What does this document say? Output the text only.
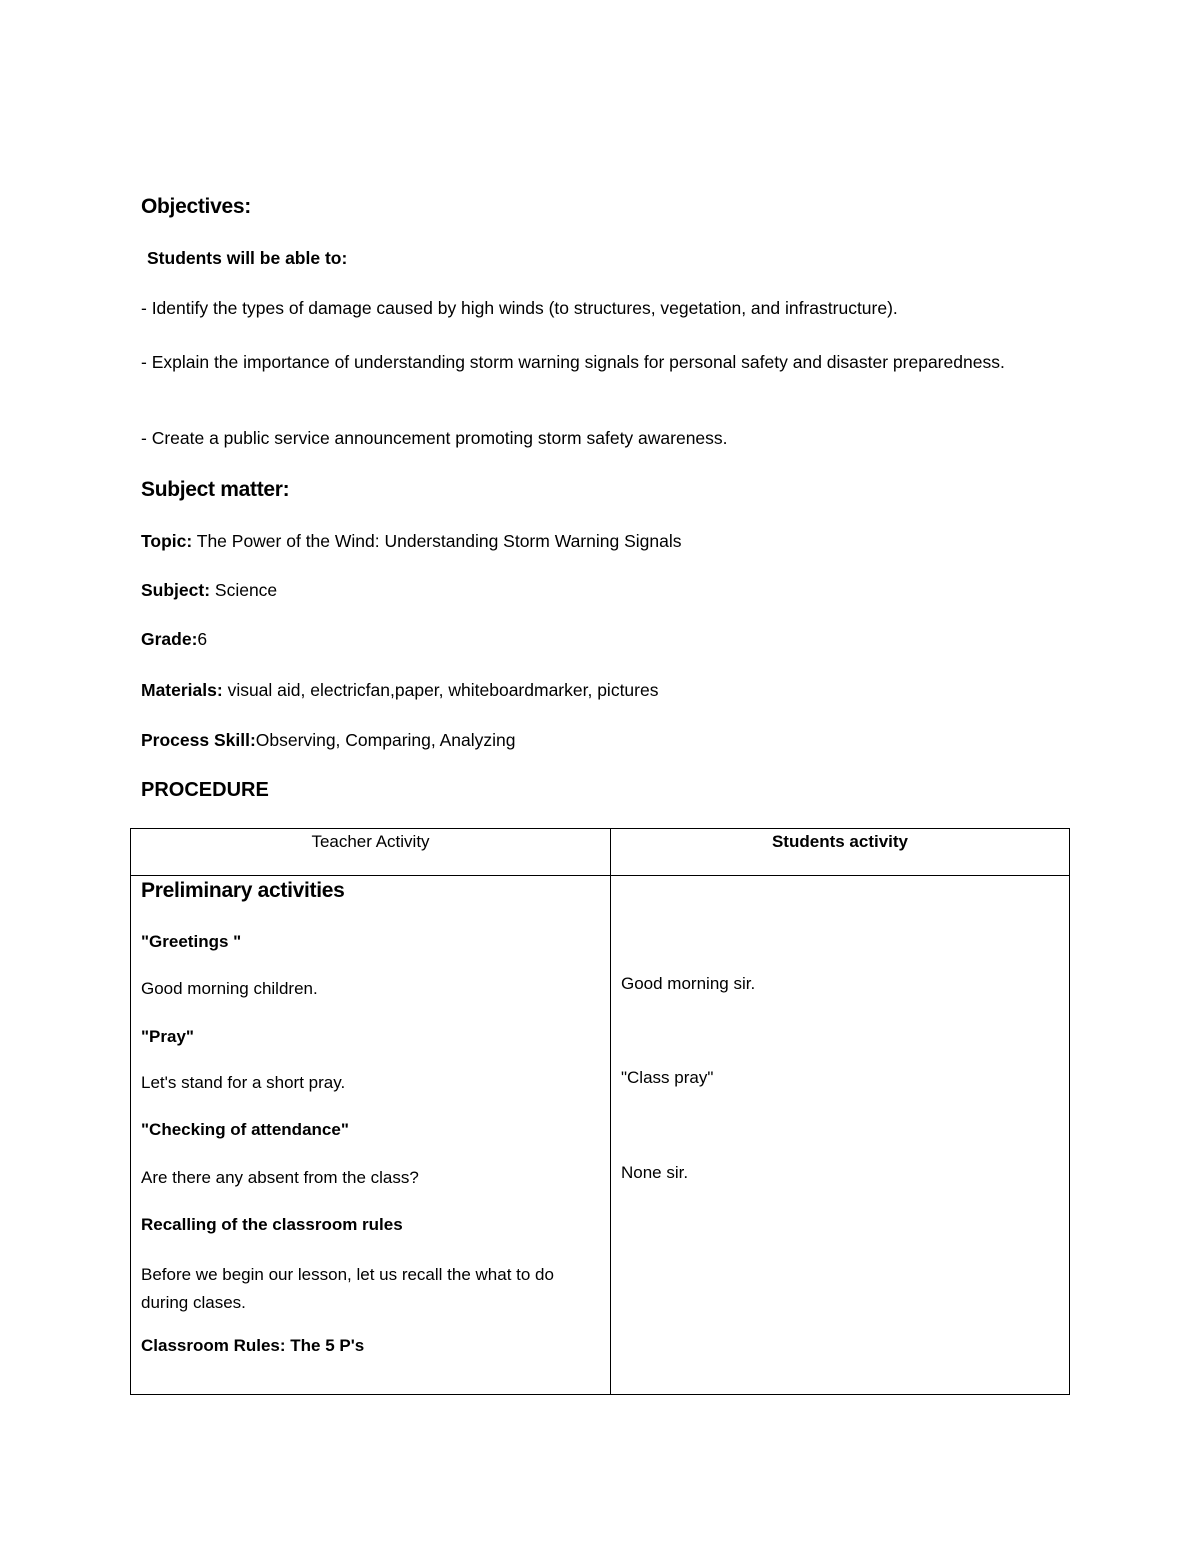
Objectives:
Students will be able to:
- Identify the types of damage caused by high winds (to structures, vegetation, and infrastructure).
- Explain the importance of understanding storm warning signals for personal safety and disaster preparedness.
- Create a public service announcement promoting storm safety awareness.
Subject matter:
Topic: The Power of the Wind: Understanding Storm Warning Signals
Subject: Science
Grade:6
Materials: visual aid, electricfan,paper, whiteboardmarker, pictures
Process Skill:Observing, Comparing, Analyzing
PROCEDURE
Teacher Activity	Students activity
Preliminary activities
"Greetings "
Good morning children.
"Pray"
Let's stand for a short pray.
"Checking of attendance"
Are there any absent from the class?
Recalling of the classroom rules
Before we begin our lesson, let us recall the what to do during clases.
Classroom Rules: The 5 P's
Good morning sir.
"Class pray"
None sir.
